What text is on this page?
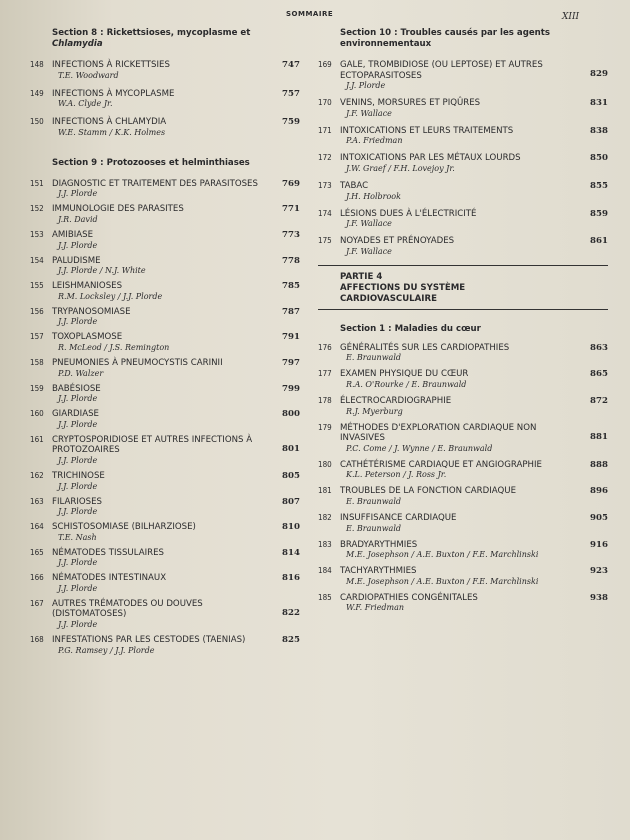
SOMMAIRE	XIII
Section 8 : Rickettsioses, mycoplasme et
Chlamydia
148 INFECTIONS À RICKETTSIES
T.E. Woodward
747
149 INFECTIONS À MYCOPLASME
W.A. Clyde Jr.
757
150 INFECTIONS À CHLAMYDIA
W.E. Stamm / K.K. Holmes
759
Section 9 : Protozooses et helminthiases
151 DIAGNOSTIC ET TRAITEMENT DES PARASITOSES
J.J. Plorde
769
152 IMMUNOLOGIE DES PARASITES
J.R. David
771
153 AMIBIASE
J.J. Plorde
773
154 PALUDISME
J.J. Plorde / N.J. White
778
155 LEISHMANIOSES
R.M. Locksley / J.J. Plorde
785
156 TRYPANOSOMIASE
J.J. Plorde
787
157 TOXOPLASMOSE
R. McLeod / J.S. Remington
791
158 PNEUMONIES À PNEUMOCYSTIS CARINII
P.D. Walzer
797
159 BABÉSIOSE
J.J. Plorde
799
160 GIARDIASE
J.J. Plorde
800
161 CRYPTOSPORIDIOSE ET AUTRES INFECTIONS À PROTOZOAIRES
J.J. Plorde
801
162 TRICHINOSE
J.J. Plorde
805
163 FILARIOSES
J.J. Plorde
807
164 SCHISTOSOMIASE (BILHARZIOSE)
T.E. Nash
810
165 NÉMATODES TISSULAIRES
J.J. Plorde
814
166 NÉMATODES INTESTINAUX
J.J. Plorde
816
167 AUTRES TRÉMATODES OU DOUVES (DISTOMATOSES)
J.J. Plorde
822
168 INFESTATIONS PAR LES CESTODES (TAENIAS)
P.G. Ramsey / J.J. Plorde
825
Section 10 : Troubles causés par les agents environnementaux
169 GALE, TROMBIDIOSE (OU LEPTOSE) ET AUTRES ECTOPARASITOSES
J.J. Plorde
829
170 VENINS, MORSURES ET PIQÛRES
J.F. Wallace
831
171 INTOXICATIONS ET LEURS TRAITEMENTS
P.A. Friedman
838
172 INTOXICATIONS PAR LES MÉTAUX LOURDS
J.W. Graef / F.H. Lovejoy Jr.
850
173 TABAC
J.H. Holbrook
855
174 LÉSIONS DUES À L'ÉLECTRICITÉ
J.F. Wallace
859
175 NOYADES ET PRÉNOYADES
J.F. Wallace
861
PARTIE 4
AFFECTIONS DU SYSTÈME
CARDIOVASCULAIRE
Section 1 : Maladies du cœur
176 GÉNÉRALITÉS SUR LES CARDIOPATHIES
E. Braunwald
863
177 EXAMEN PHYSIQUE DU CŒUR
R.A. O'Rourke / E. Braunwald
865
178 ÉLECTROCARDIOGRAPHIE
R.J. Myerburg
872
179 MÉTHODES D'EXPLORATION CARDIAQUE NON INVASIVES
P.C. Come / J. Wynne / E. Braunwald
881
180 CATHÉTÉRISME CARDIAQUE ET ANGIOGRAPHIE
K.L. Peterson / J. Ross Jr.
888
181 TROUBLES DE LA FONCTION CARDIAQUE
E. Braunwald
896
182 INSUFFISANCE CARDIAQUE
E. Braunwald
905
183 BRADYARYTHMIES
M.E. Josephson / A.E. Buxton / F.E. Marchlinski
916
184 TACHYARYTHMIES
M.E. Josephson / A.E. Buxton / F.E. Marchlinski
923
185 CARDIOPATHIES CONGÉNITALES
W.F. Friedman
938
